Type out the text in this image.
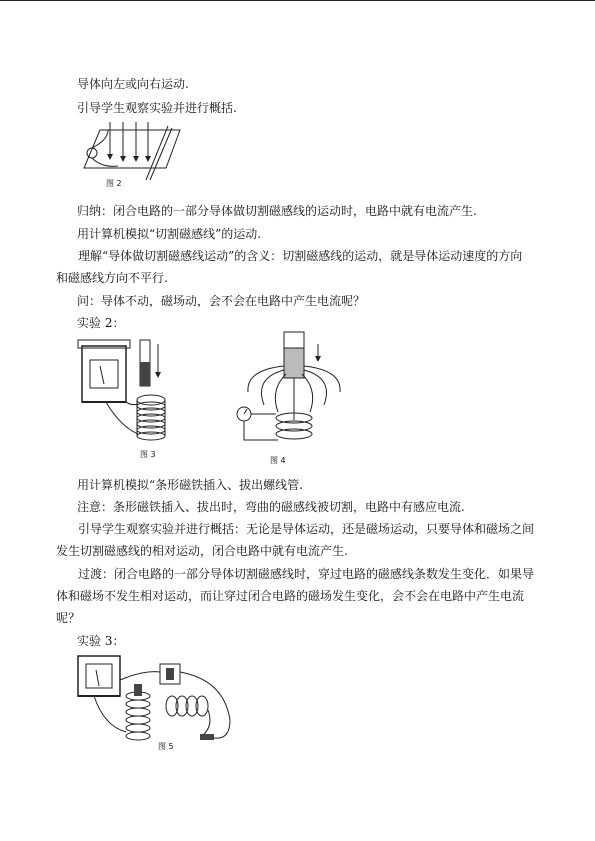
导体向左或向右运动.
引导学生观察实验并进行概括.
图 2
归纳：闭合电路的一部分导体做切割磁感线的运动时，电路中就有电流产生.
用计算机模拟“切割磁感线”的运动.
理解“导体做切割磁感线运动”的含义：切割磁感线的运动，就是导体运动速度的方向和磁感线方向不平行.
问：导体不动，磁场动，会不会在电路中产生电流呢？
实验 2：
图 3
图 4
用计算机模拟“条形磁铁插入、拔出螺线管.
注意：条形磁铁插入、拔出时，弯曲的磁感线被切割，电路中有感应电流.
引导学生观察实验并进行概括：无论是导体运动，还是磁场运动，只要导体和磁场之间发生切割磁感线的相对运动，闭合电路中就有电流产生.
过渡：闭合电路的一部分导体切割磁感线时，穿过电路的磁感线条数发生变化．如果导体和磁场不发生相对运动，而让穿过闭合电路的磁场发生变化，会不会在电路中产生电流呢？
实验 3：
图 5
